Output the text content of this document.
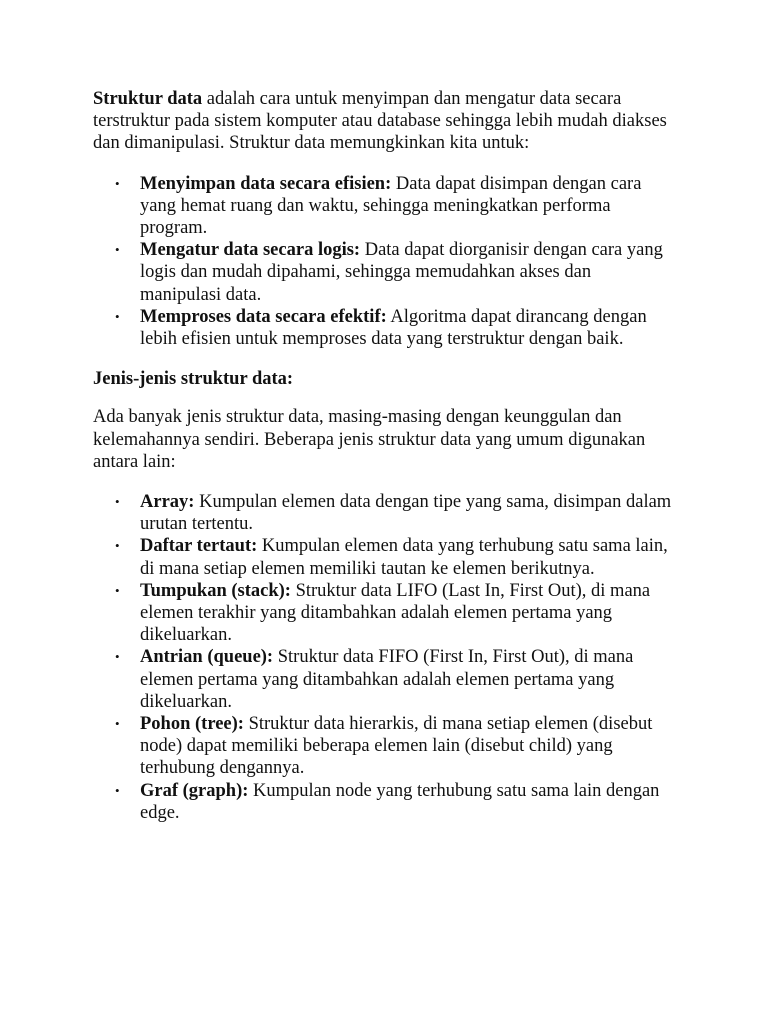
Struktur data adalah cara untuk menyimpan dan mengatur data secara terstruktur pada sistem komputer atau database sehingga lebih mudah diakses dan dimanipulasi. Struktur data memungkinkan kita untuk:

• Menyimpan data secara efisien: Data dapat disimpan dengan cara yang hemat ruang dan waktu, sehingga meningkatkan performa program.
• Mengatur data secara logis: Data dapat diorganisir dengan cara yang logis dan mudah dipahami, sehingga memudahkan akses dan manipulasi data.
• Memproses data secara efektif: Algoritma dapat dirancang dengan lebih efisien untuk memproses data yang terstruktur dengan baik.

Jenis-jenis struktur data:

Ada banyak jenis struktur data, masing-masing dengan keunggulan dan kelemahannya sendiri. Beberapa jenis struktur data yang umum digunakan antara lain:

• Array: Kumpulan elemen data dengan tipe yang sama, disimpan dalam urutan tertentu.
• Daftar tertaut: Kumpulan elemen data yang terhubung satu sama lain, di mana setiap elemen memiliki tautan ke elemen berikutnya.
• Tumpukan (stack): Struktur data LIFO (Last In, First Out), di mana elemen terakhir yang ditambahkan adalah elemen pertama yang dikeluarkan.
• Antrian (queue): Struktur data FIFO (First In, First Out), di mana elemen pertama yang ditambahkan adalah elemen pertama yang dikeluarkan.
• Pohon (tree): Struktur data hierarkis, di mana setiap elemen (disebut node) dapat memiliki beberapa elemen lain (disebut child) yang terhubung dengannya.
• Graf (graph): Kumpulan node yang terhubung satu sama lain dengan edge.
